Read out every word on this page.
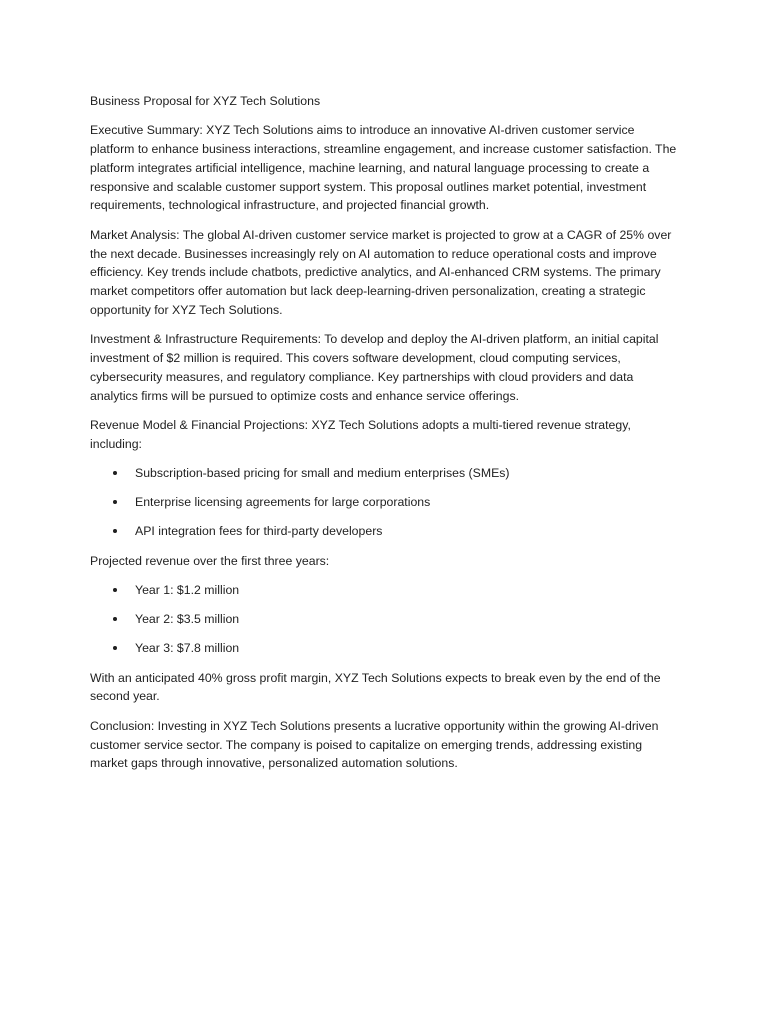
Business Proposal for XYZ Tech Solutions

Executive Summary: XYZ Tech Solutions aims to introduce an innovative AI-driven customer service platform to enhance business interactions, streamline engagement, and increase customer satisfaction. The platform integrates artificial intelligence, machine learning, and natural language processing to create a responsive and scalable customer support system. This proposal outlines market potential, investment requirements, technological infrastructure, and projected financial growth.

Market Analysis: The global AI-driven customer service market is projected to grow at a CAGR of 25% over the next decade. Businesses increasingly rely on AI automation to reduce operational costs and improve efficiency. Key trends include chatbots, predictive analytics, and AI-enhanced CRM systems. The primary market competitors offer automation but lack deep-learning-driven personalization, creating a strategic opportunity for XYZ Tech Solutions.

Investment & Infrastructure Requirements: To develop and deploy the AI-driven platform, an initial capital investment of $2 million is required. This covers software development, cloud computing services, cybersecurity measures, and regulatory compliance. Key partnerships with cloud providers and data analytics firms will be pursued to optimize costs and enhance service offerings.

Revenue Model & Financial Projections: XYZ Tech Solutions adopts a multi-tiered revenue strategy, including:

Subscription-based pricing for small and medium enterprises (SMEs)
Enterprise licensing agreements for large corporations
API integration fees for third-party developers

Projected revenue over the first three years:

Year 1: $1.2 million
Year 2: $3.5 million
Year 3: $7.8 million

With an anticipated 40% gross profit margin, XYZ Tech Solutions expects to break even by the end of the second year.

Conclusion: Investing in XYZ Tech Solutions presents a lucrative opportunity within the growing AI-driven customer service sector. The company is poised to capitalize on emerging trends, addressing existing market gaps through innovative, personalized automation solutions.
